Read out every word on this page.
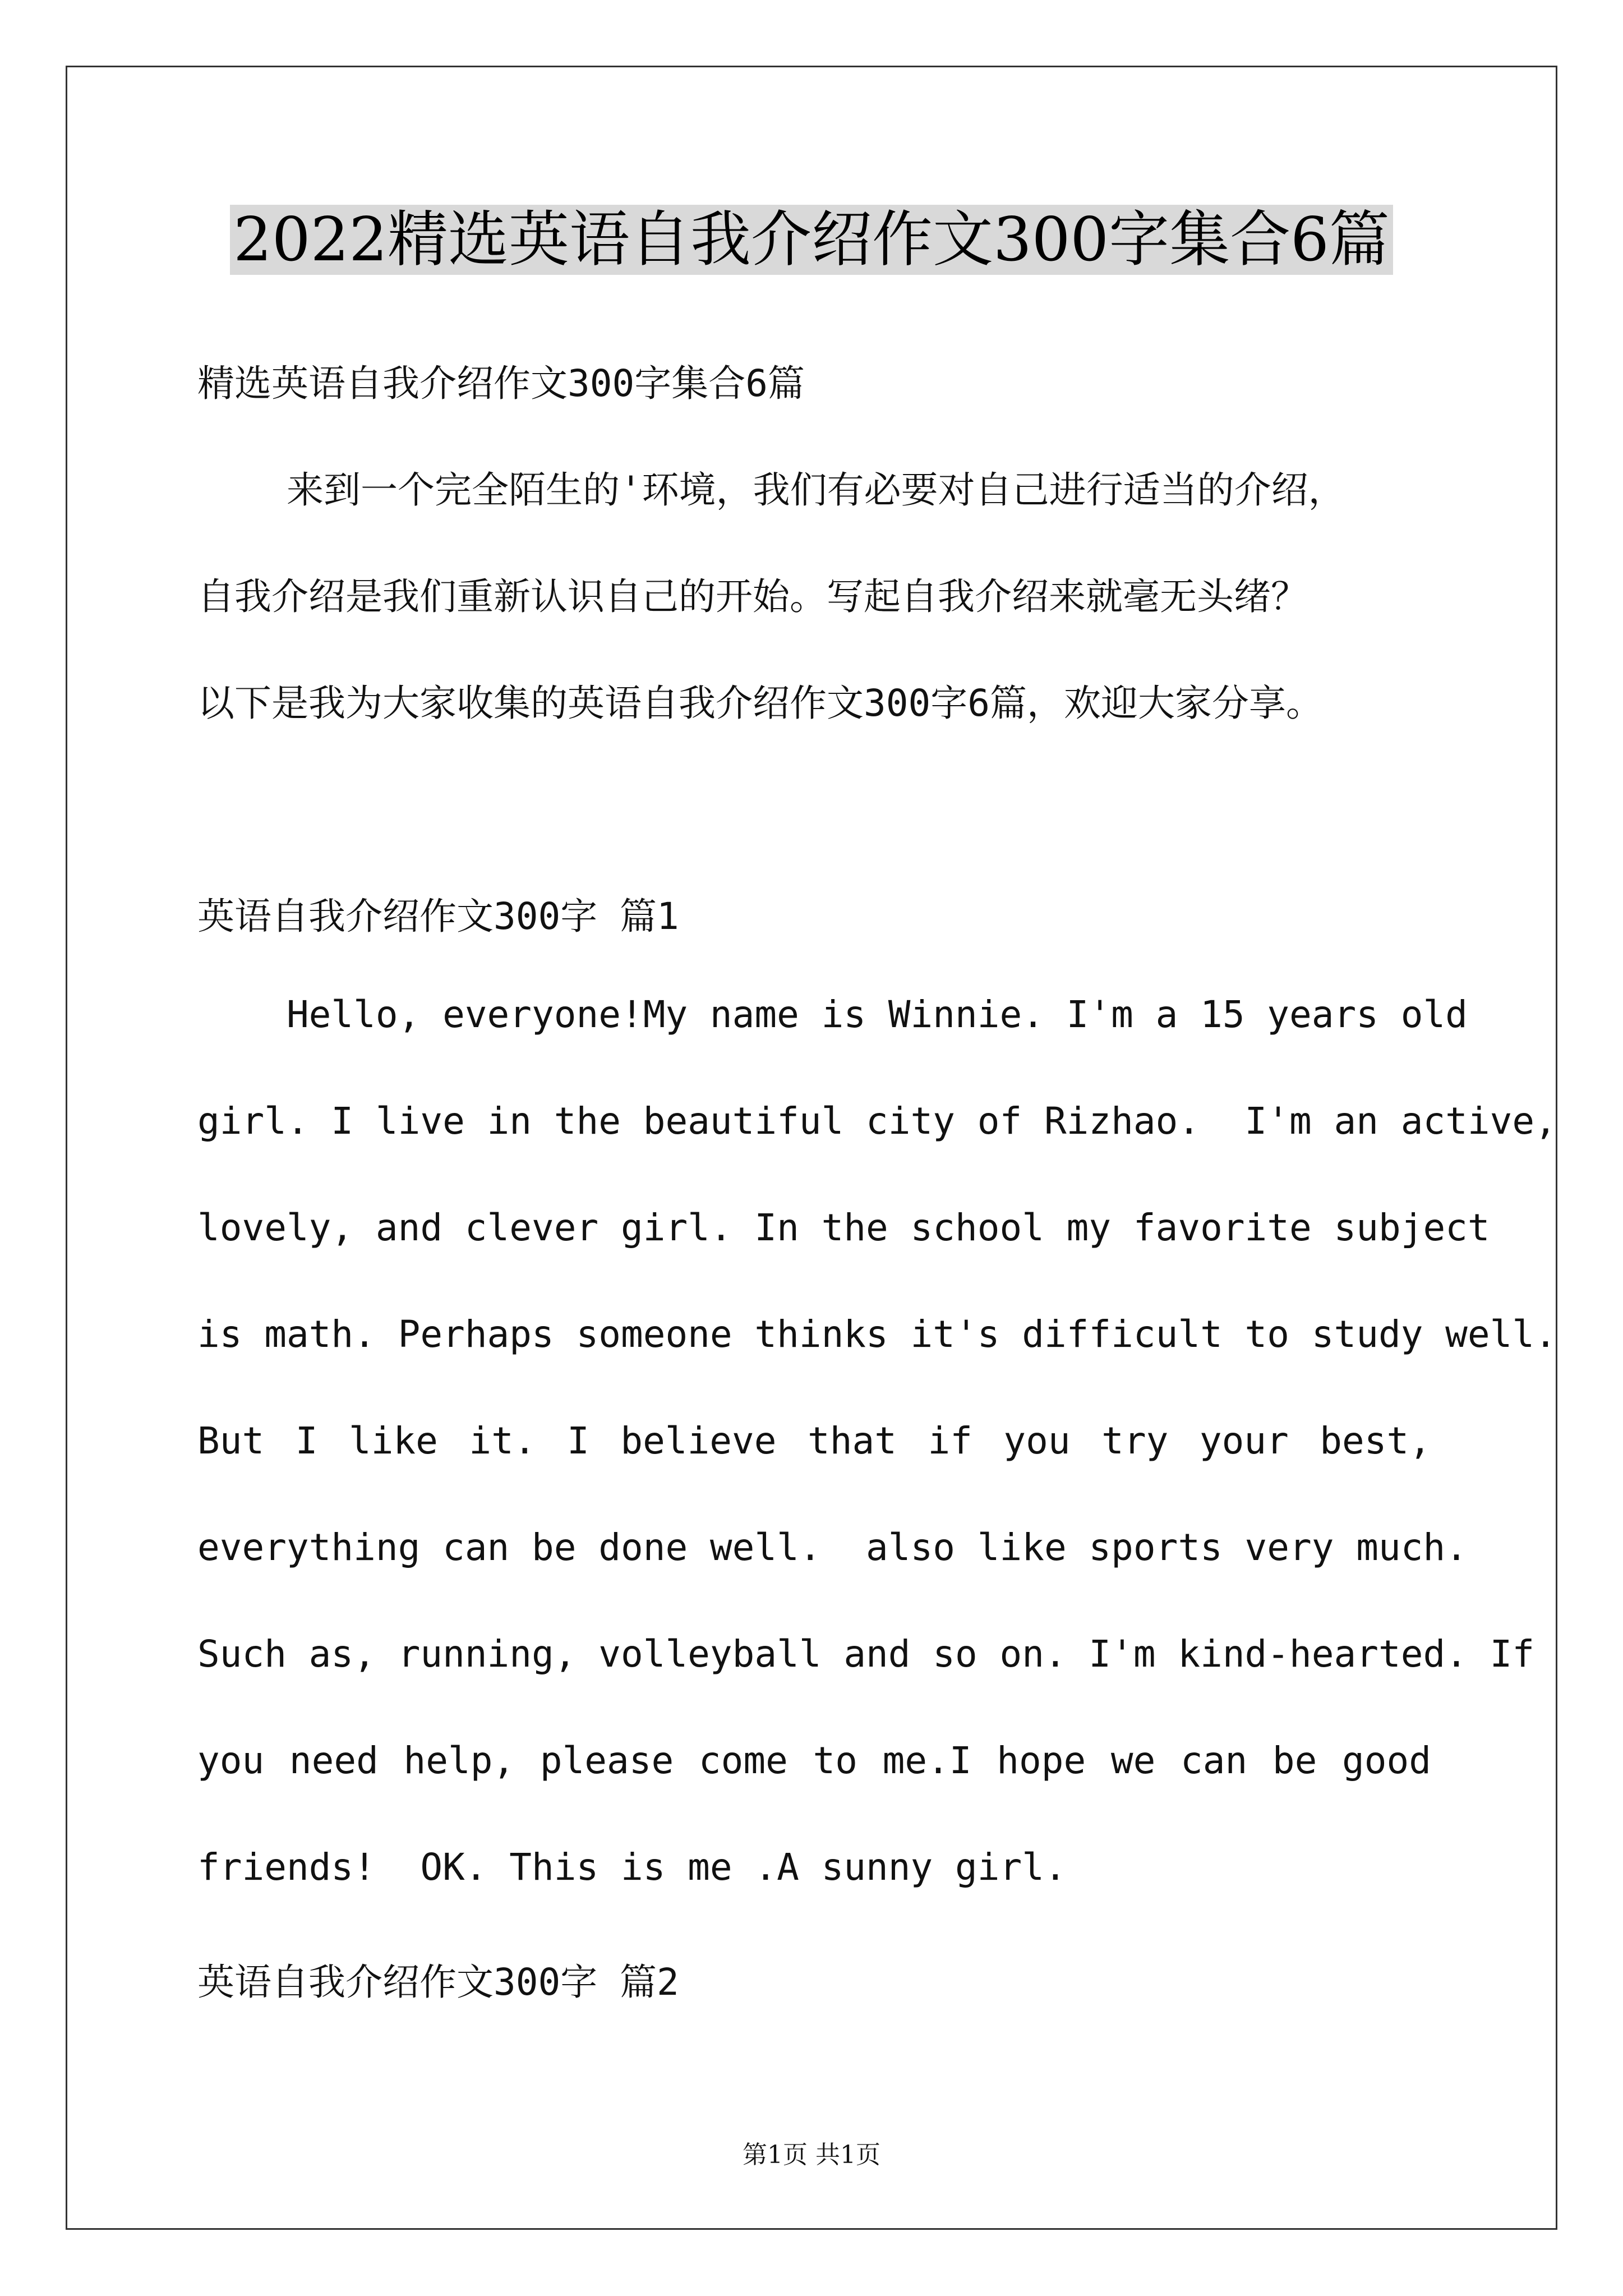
2022精选英语自我介绍作文300字集合6篇
精选英语自我介绍作文300字集合6篇
来到一个完全陌生的'环境，我们有必要对自己进行适当的介绍，
自我介绍是我们重新认识自己的开始。写起自我介绍来就毫无头绪？
以下是我为大家收集的英语自我介绍作文300字6篇，欢迎大家分享。
英语自我介绍作文300字 篇1
Hello, everyone!My name is Winnie. I'm a 15 years old
girl. I live in the beautiful city of Rizhao.  I'm an active,
lovely, and clever girl. In the school my favorite subject
is math. Perhaps someone thinks it's difficult to study well.
But I like it. I believe that if you try your best,
everything can be done well.  also like sports very much.
Such as, running, volleyball and so on. I'm kind-hearted. If
you need help, please come to me.I hope we can be good
friends!  OK. This is me .A sunny girl.
英语自我介绍作文300字 篇2
第1页 共1页
